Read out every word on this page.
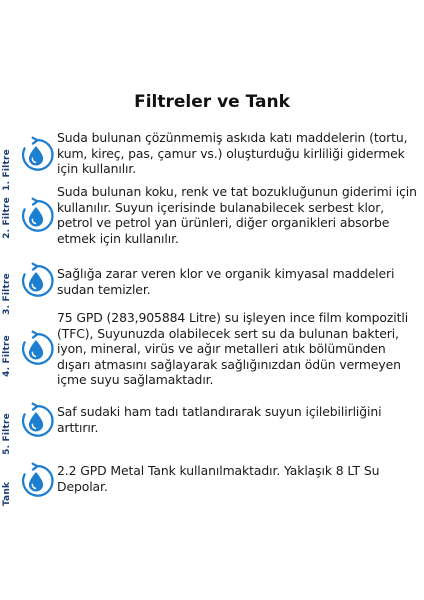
Filtreler ve Tank
1. Filtre

Suda bulunan çözünmemiş askıda katı maddelerin (tortu, kum, kireç, pas, çamur vs.) oluşturduğu kirliliği gidermek için kullanılır.

2. Filtre

Suda bulunan koku, renk ve tat bozukluğunun giderimi için kullanılır. Suyun içerisinde bulanabilecek serbest klor, petrol ve petrol yan ürünleri, diğer organikleri absorbe etmek için kullanılır.

3. Filtre	Sağlığa zarar veren klor ve organik kimyasal maddeleri sudan temizler.

4. Filtre

75 GPD (283,905884 Litre) su işleyen ince film kompozitli (TFC), Suyunuzda olabilecek sert su da bulunan bakteri, iyon, mineral, virüs ve ağır metalleri atık bölümünden dışarı atmasını sağlayarak sağlığınızdan ödün vermeyen içme suyu sağlamaktadır.

5. Filtre

Saf sudaki ham tadı tatlandırarak suyun içilebilirliğini arttırır.

Tank

2.2 GPD Metal Tank kullanılmaktadır. Yaklaşık 8 LT Su Depolar.
